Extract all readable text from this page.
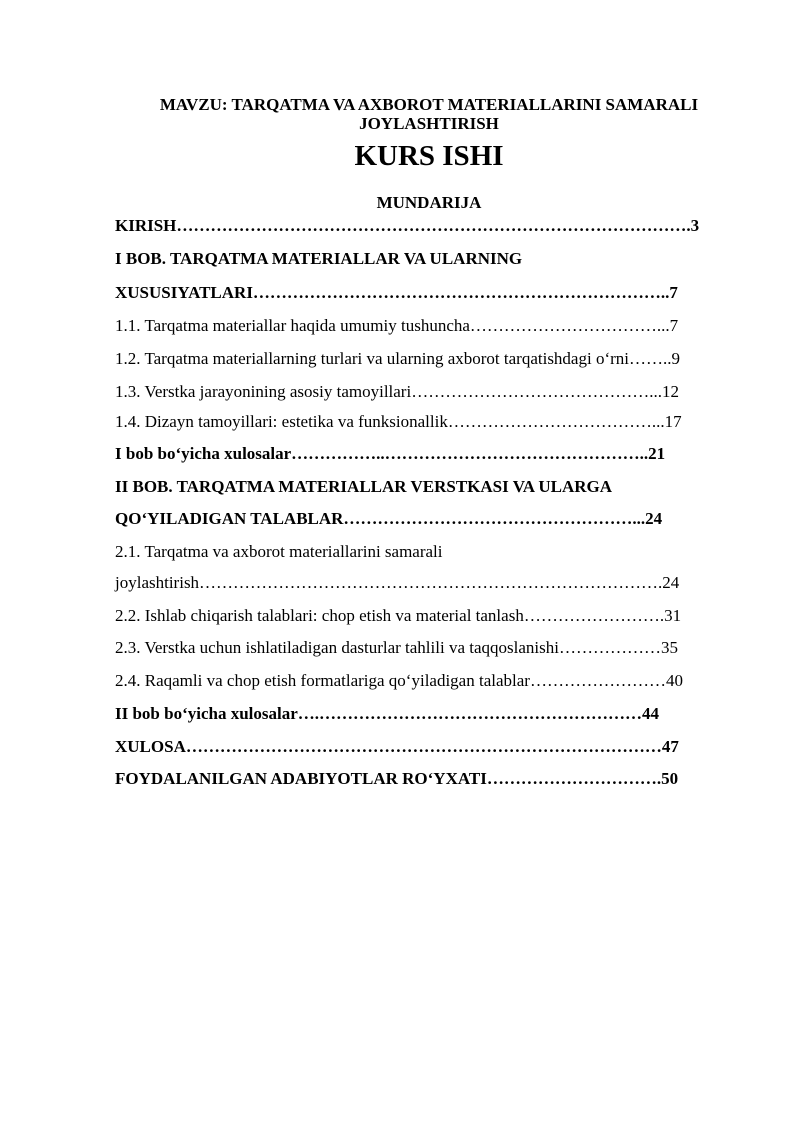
MAVZU: TARQATMA VA AXBOROT MATERIALLARINI SAMARALI
JOYLASHTIRISH
KURS ISHI
MUNDARIJA
KIRISH……………………………………………………………………………….3
I BOB. TARQATMA MATERIALLAR VA ULARNING
XUSUSIYATLARI………………………………………………………………..7
1.1. Tarqatma materiallar haqida umumiy tushuncha……………………………...7
1.2. Tarqatma materiallarning turlari va ularning axborot tarqatishdagi o‘rni……..9
1.3. Verstka jarayonining asosiy tamoyillari……………………………………...12
1.4. Dizayn tamoyillari: estetika va funksionallik………………………………...17
I bob bo‘yicha xulosalar……………..………………………………………..21
II BOB. TARQATMA MATERIALLAR VERSTKASI VA ULARGA
QO‘YILADIGAN TALABLAR……………………………………………...24
2.1. Tarqatma va axborot materiallarini samarali
joylashtirish……………………………………………………………………….24
2.2. Ishlab chiqarish talablari: chop etish va material tanlash…………………….31
2.3. Verstka uchun ishlatiladigan dasturlar tahlili va taqqoslanishi………………35
2.4. Raqamli va chop etish formatlariga qo‘yiladigan talablar……………………40
II bob bo‘yicha xulosalar….…………………………………………………44
XULOSA…………………………………………………………………………47
FOYDALANILGAN ADABIYOTLAR RO‘YXATI………………………….50
